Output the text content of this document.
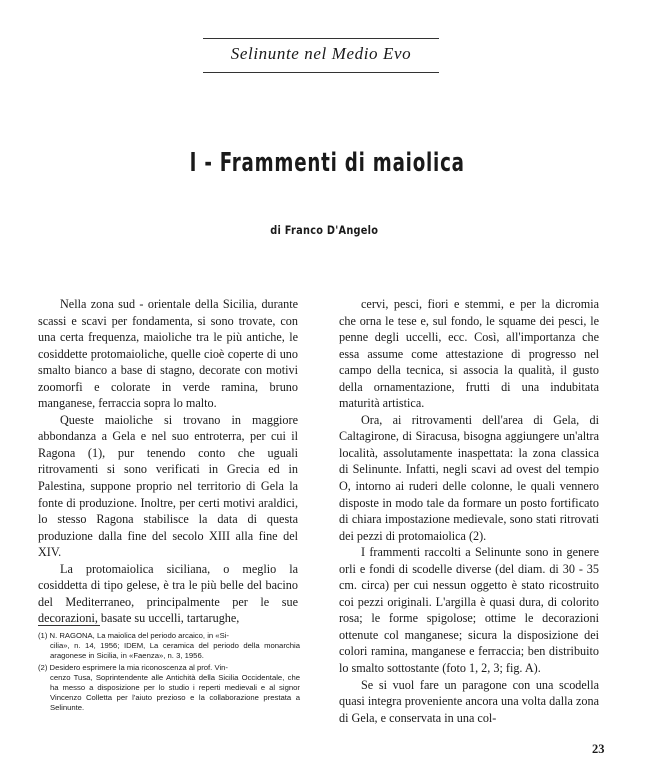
Selinunte nel Medio Evo
I - Frammenti di maiolica
di Franco D'Angelo

Nella zona sud - orientale della Sicilia, durante scassi e scavi per fondamenta, si sono trovate, con una certa frequenza, maioliche tra le più antiche, le cosiddette protomaioliche, quelle cioè coperte di uno smalto bianco a base di stagno, decorate con motivi zoomorfi e colorate in verde ramina, bruno manganese, ferraccia sopra lo malto.

Queste maioliche si trovano in maggiore abbondanza a Gela e nel suo entroterra, per cui il Ragona (1), pur tenendo conto che uguali ritrovamenti si sono verificati in Grecia ed in Palestina, suppone proprio nel territorio di Gela la fonte di produzione. Inoltre, per certi motivi araldici, lo stesso Ragona stabilisce la data di questa produzione dalla fine del secolo XIII alla fine del XIV.

La protomaiolica siciliana, o meglio la cosiddetta di tipo gelese, è tra le più belle del bacino del Mediterraneo, principalmente per le sue decorazioni, basate su uccelli, tartarughe,

cervi, pesci, fiori e stemmi, e per la dicromia che orna le tese e, sul fondo, le squame dei pesci, le penne degli uccelli, ecc. Così, all'importanza che essa assume come attestazione di progresso nel campo della tecnica, si associa la qualità, il gusto della ornamentazione, frutti di una indubitata maturità artistica.

Ora, ai ritrovamenti dell'area di Gela, di Caltagirone, di Siracusa, bisogna aggiungere un'altra località, assolutamente inaspettata: la zona classica di Selinunte. Infatti, negli scavi ad ovest del tempio O, intorno ai ruderi delle colonne, le quali vennero disposte in modo tale da formare un posto fortificato di chiara impostazione medievale, sono stati ritrovati dei pezzi di protomaiolica (2).

I frammenti raccolti a Selinunte sono in genere orli e fondi di scodelle diverse (del diam. di 30 - 35 cm. circa) per cui nessun oggetto è stato ricostruito coi pezzi originali. L'argilla è quasi dura, di colorito rosa; le forme spigolose; ottime le decorazioni ottenute col manganese; sicura la disposizione dei colori ramina, manganese e ferraccia; ben distribuito lo smalto sottostante (foto 1, 2, 3; fig. A).

Se si vuol fare un paragone con una scodella quasi integra proveniente ancora una volta dalla zona di Gela, e conservata in una col-

(1) N. RAGONA, La maiolica del periodo arcaico, in «Si-
cilia», n. 14, 1956; IDEM, La ceramica del periodo della monarchia aragonese in Sicilia, in «Faenza», n. 3, 1956.
(2) Desidero esprimere la mia riconoscenza al prof. Vin-
cenzo Tusa, Soprintendente alle Antichità della Sicilia Occidentale, che ha messo a disposizione per lo studio i reperti medievali e al signor Vincenzo Colletta per l'aiuto prezioso e la collaborazione prestata a Selinunte.
23
